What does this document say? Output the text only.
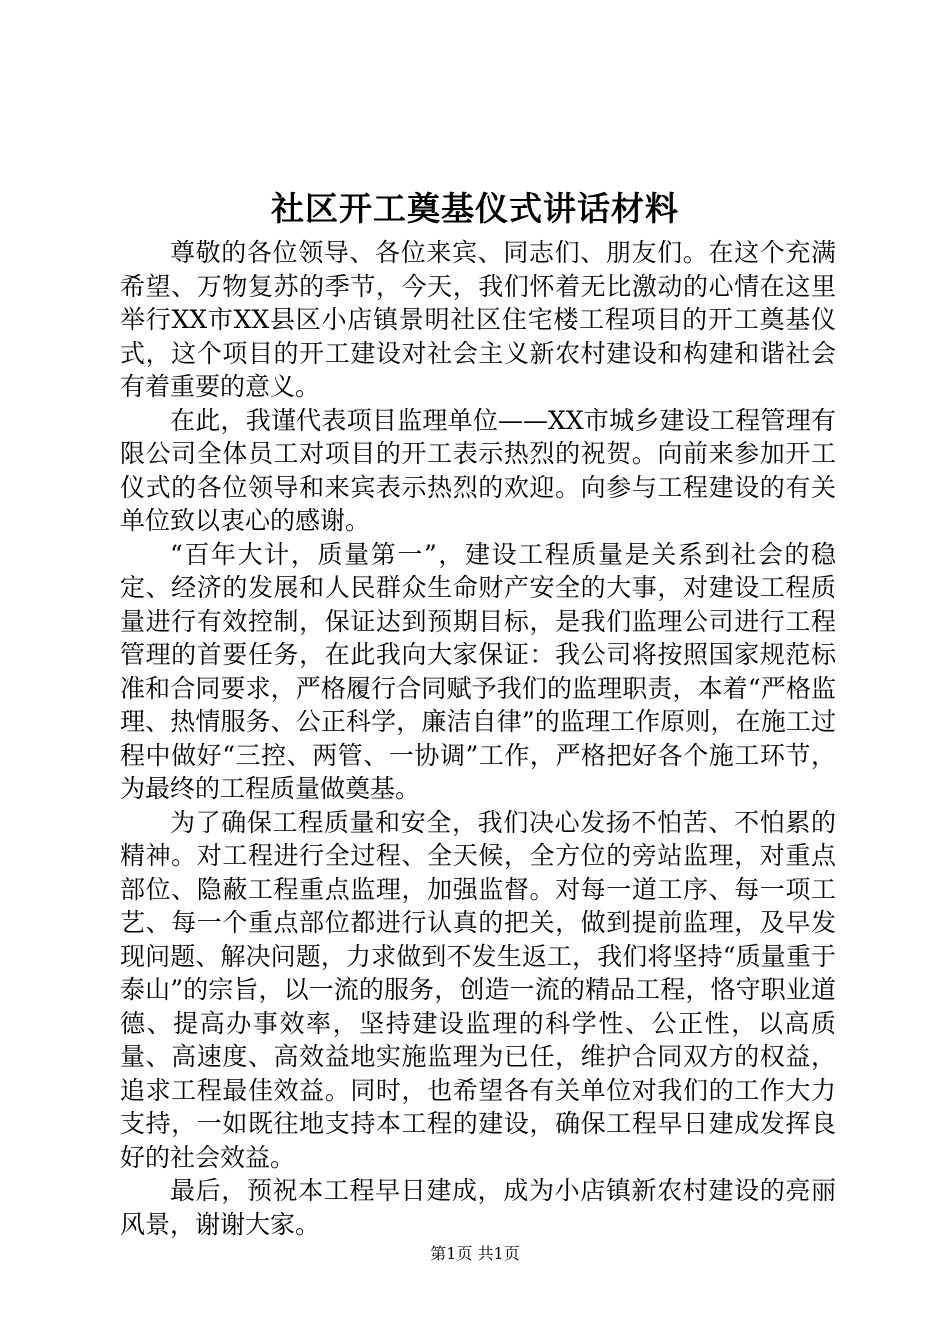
社区开工奠基仪式讲话材料

尊敬的各位领导、各位来宾、同志们、朋友们。在这个充满希望、万物复苏的季节，今天，我们怀着无比激动的心情在这里举行XX市XX县区小店镇景明社区住宅楼工程项目的开工奠基仪式，这个项目的开工建设对社会主义新农村建设和构建和谐社会有着重要的意义。

在此，我谨代表项目监理单位——XX市城乡建设工程管理有限公司全体员工对项目的开工表示热烈的祝贺。向前来参加开工仪式的各位领导和来宾表示热烈的欢迎。向参与工程建设的有关单位致以衷心的感谢。

“百年大计，质量第一”，建设工程质量是关系到社会的稳定、经济的发展和人民群众生命财产安全的大事，对建设工程质量进行有效控制，保证达到预期目标，是我们监理公司进行工程管理的首要任务，在此我向大家保证：我公司将按照国家规范标准和合同要求，严格履行合同赋予我们的监理职责，本着“严格监理、热情服务、公正科学，廉洁自律”的监理工作原则，在施工过程中做好“三控、两管、一协调”工作，严格把好各个施工环节，为最终的工程质量做奠基。

为了确保工程质量和安全，我们决心发扬不怕苦、不怕累的精神。对工程进行全过程、全天候，全方位的旁站监理，对重点部位、隐蔽工程重点监理，加强监督。对每一道工序、每一项工艺、每一个重点部位都进行认真的把关，做到提前监理，及早发现问题、解决问题，力求做到不发生返工，我们将坚持“质量重于泰山”的宗旨，以一流的服务，创造一流的精品工程，恪守职业道德、提高办事效率，坚持建设监理的科学性、公正性，以高质量、高速度、高效益地实施监理为已任，维护合同双方的权益，追求工程最佳效益。同时，也希望各有关单位对我们的工作大力支持，一如既往地支持本工程的建设，确保工程早日建成发挥良好的社会效益。

最后，预祝本工程早日建成，成为小店镇新农村建设的亮丽风景，谢谢大家。

第1页 共1页
